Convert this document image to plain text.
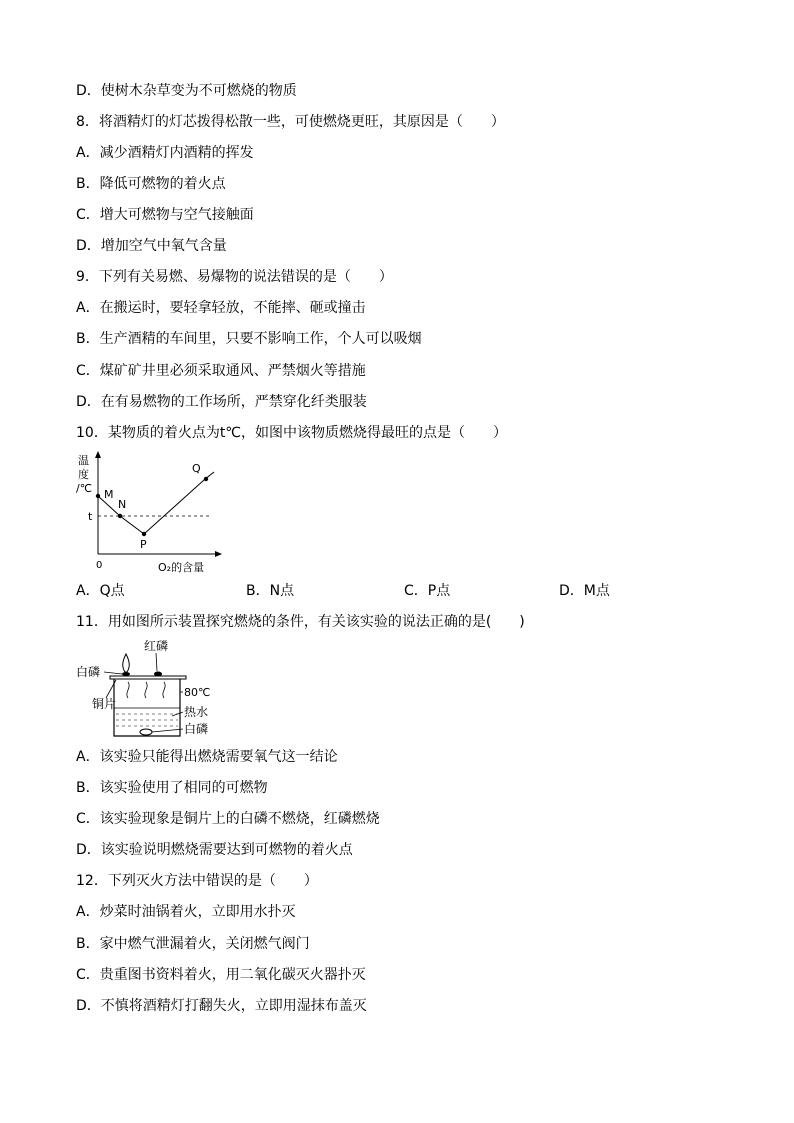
D．使树木杂草变为不可燃烧的物质
8．将酒精灯的灯芯拨得松散一些，可使燃烧更旺，其原因是（　　）
A．减少酒精灯内酒精的挥发
B．降低可燃物的着火点
C．增大可燃物与空气接触面
D．增加空气中氧气含量
9．下列有关易燃、易爆物的说法错误的是（　　）
A．在搬运时，要轻拿轻放，不能摔、砸或撞击
B．生产酒精的车间里，只要不影响工作，个人可以吸烟
C．煤矿矿井里必须采取通风、严禁烟火等措施
D．在有易燃物的工作场所，严禁穿化纤类服装
10．某物质的着火点为t℃，如图中该物质燃烧得最旺的点是（　　）
温
度
/℃ M
N
t
P
Q
0	O₂的含量
A．Q点	B．N点	C．P点	D．M点
11．用如图所示装置探究燃烧的条件，有关该实验的说法正确的是(　　)
红磷
白磷
铜片
80℃
热水
白磷
A．该实验只能得出燃烧需要氧气这一结论
B．该实验使用了相同的可燃物
C．该实验现象是铜片上的白磷不燃烧，红磷燃烧
D．该实验说明燃烧需要达到可燃物的着火点
12．下列灭火方法中错误的是（　　）
A．炒菜时油锅着火，立即用水扑灭
B．家中燃气泄漏着火，关闭燃气阀门
C．贵重图书资料着火，用二氧化碳灭火器扑灭
D．不慎将酒精灯打翻失火，立即用湿抹布盖灭
